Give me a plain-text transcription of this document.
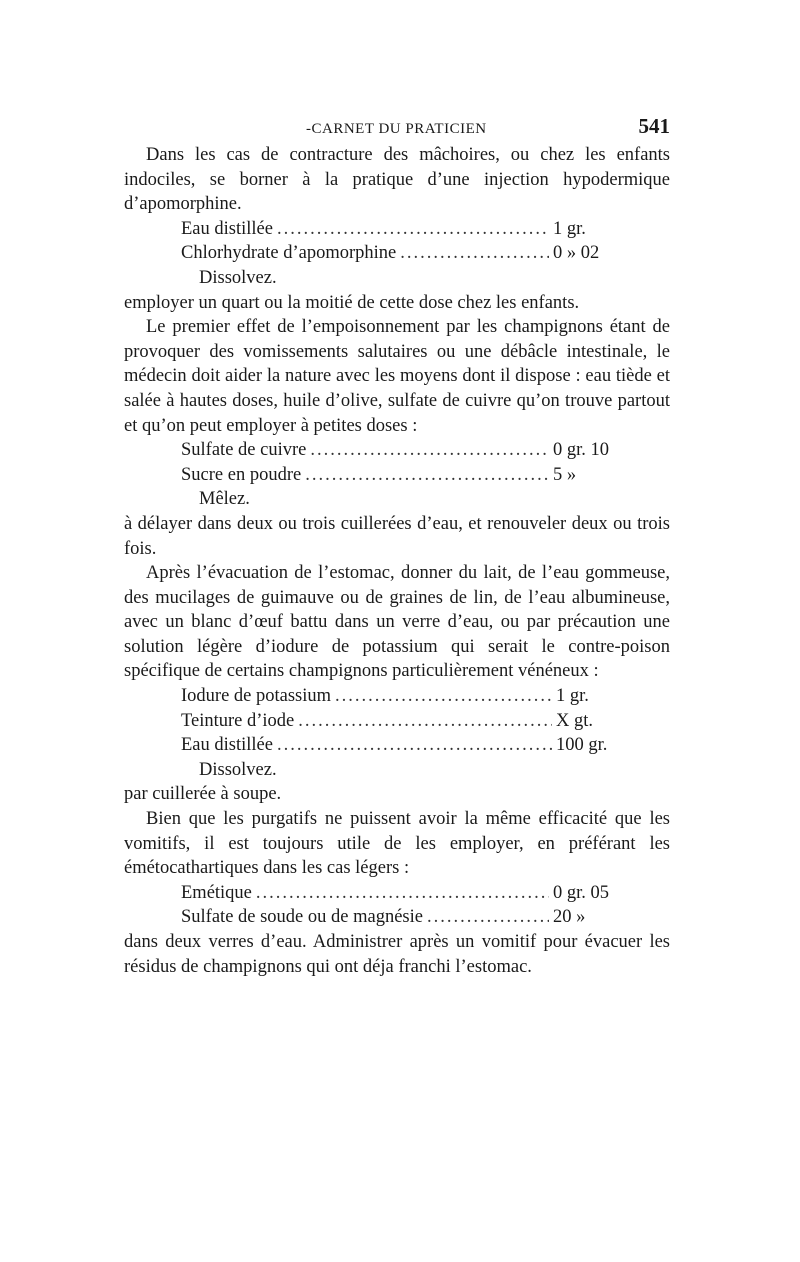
-CARNET DU PRATICIEN	541

Dans les cas de contracture des mâchoires, ou chez les enfants indociles, se borner à la pratique d’une injection hypodermique d’apomorphine.

Eau distillée .....	1 gr.
Chlorhydrate d’apomorphine .....	0 » 02

Dissolvez.

employer un quart ou la moitié de cette dose chez les enfants.

Le premier effet de l’empoisonnement par les champignons étant de provoquer des vomissements salutaires ou une débâcle intestinale, le médecin doit aider la nature avec les moyens dont il dispose : eau tiède et salée à hautes doses, huile d’olive, sulfate de cuivre qu’on trouve partout et qu’on peut employer à petites doses :

Sulfate de cuivre .....	0 gr. 10
Sucre en poudre .....	5 »

Mêlez.

à délayer dans deux ou trois cuillerées d’eau, et renouveler deux ou trois fois.

Après l’évacuation de l’estomac, donner du lait, de l’eau gommeuse, des mucilages de guimauve ou de graines de lin, de l’eau albumineuse, avec un blanc d’œuf battu dans un verre d’eau, ou par précaution une solution légère d’iodure de potassium qui serait le contre-poison spécifique de certains champignons particulièrement vénéneux :

Iodure de potassium .....	1 gr.
Teinture d’iode .....	X gt.
Eau distillée .....	100 gr.

Dissolvez.

par cuillerée à soupe.

Bien que les purgatifs ne puissent avoir la même efficacité que les vomitifs, il est toujours utile de les employer, en préférant les émétocathartiques dans les cas légers :

Emétique .....	0 gr. 05
Sulfate de soude ou de magnésie .....	20 »

dans deux verres d’eau. Administrer après un vomitif pour évacuer les résidus de champignons qui ont déja franchi l’estomac.
